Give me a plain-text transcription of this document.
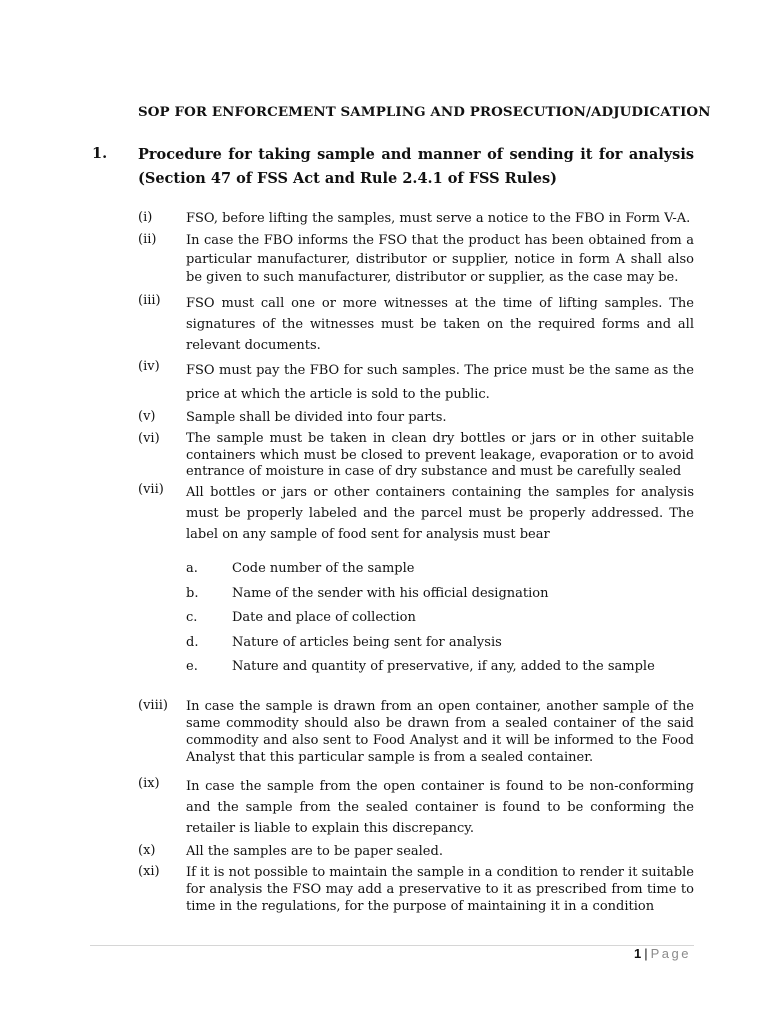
SOP FOR ENFORCEMENT SAMPLING AND PROSECUTION/ADJUDICATION
1. Procedure for taking sample and manner of sending it for analysis (Section 47 of FSS Act and Rule 2.4.1 of FSS Rules)
(i)	FSO, before lifting the samples, must serve a notice to the FBO in Form V-A.
(ii) In case the FBO informs the FSO that the product has been obtained from a particular manufacturer, distributor or supplier, notice in form A shall also be given to such manufacturer, distributor or supplier, as the case may be.
(iii) FSO must call one or more witnesses at the time of lifting samples. The signatures of the witnesses must be taken on the required forms and all relevant documents.
(iv) FSO must pay the FBO for such samples. The price must be the same as the price at which the article is sold to the public.
(v) Sample shall be divided into four parts.
(vi) The sample must be taken in clean dry bottles or jars or in other suitable containers which must be closed to prevent leakage, evaporation or to avoid entrance of moisture in case of dry substance and must be carefully sealed
(vii) All bottles or jars or other containers containing the samples for analysis must be properly labeled and the parcel must be properly addressed. The label on any sample of food sent for analysis must bear
a.	Code number of the sample
b.	Name of the sender with his official designation
c.	Date and place of collection
d.	Nature of articles being sent for analysis
e.	Nature and quantity of preservative, if any, added to the sample
(viii) In case the sample is drawn from an open container, another sample of the same commodity should also be drawn from a sealed container of the said commodity and also sent to Food Analyst and it will be informed to the Food Analyst that this particular sample is from a sealed container.
(ix) In case the sample from the open container is found to be non-conforming and the sample from the sealed container is found to be conforming the retailer is liable to explain this discrepancy.
(x) All the samples are to be paper sealed.
(xi) If it is not possible to maintain the sample in a condition to render it suitable for analysis the FSO may add a preservative to it as prescribed from time to time in the regulations, for the purpose of maintaining it in a condition
1 | Page
